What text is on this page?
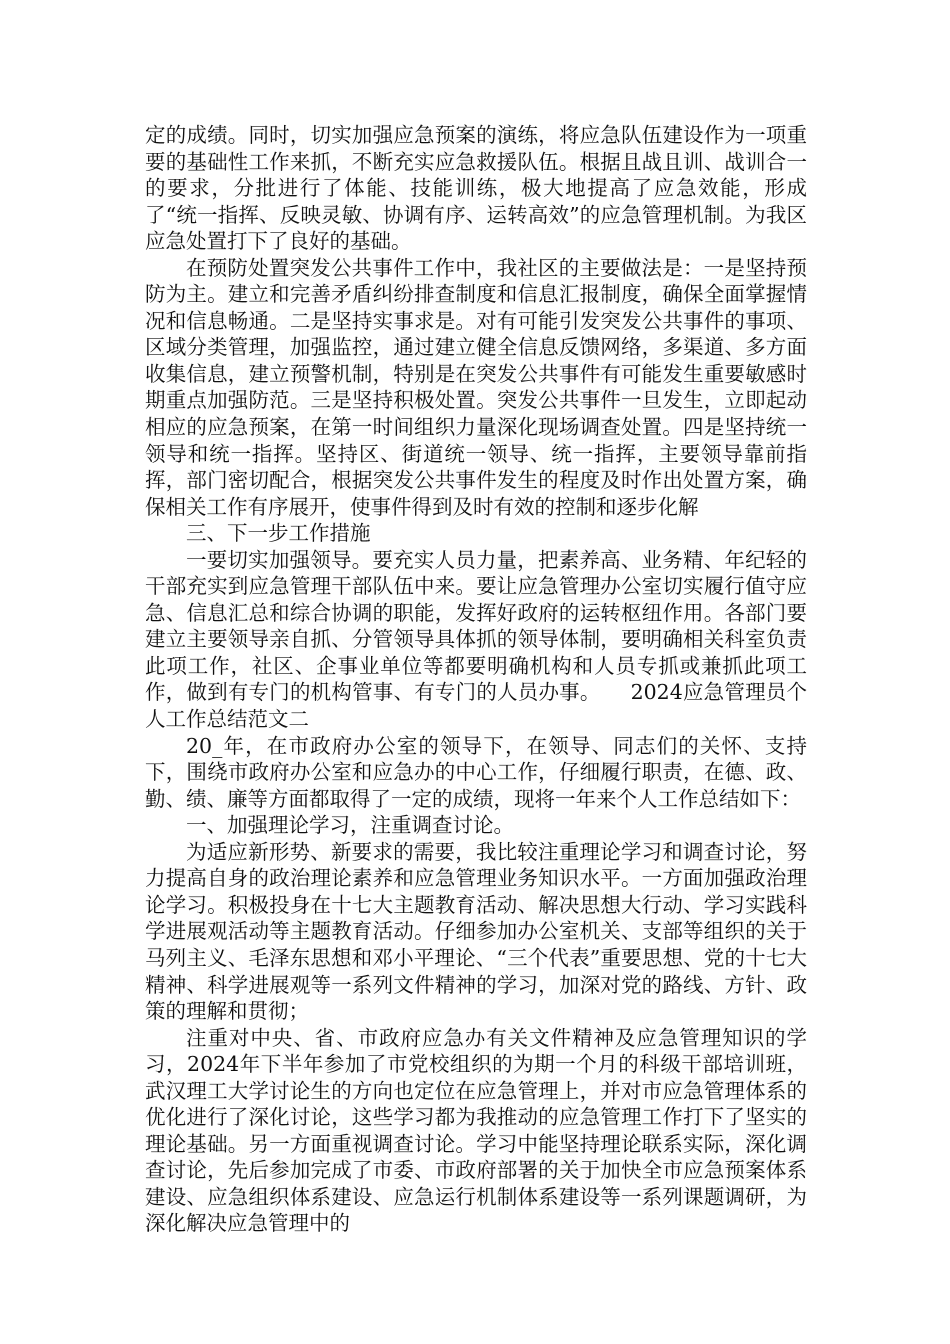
定的成绩。同时，切实加强应急预案的演练，将应急队伍建设作为一项重要的基础性工作来抓，不断充实应急救援队伍。根据且战且训、战训合一的要求，分批进行了体能、技能训练，极大地提高了应急效能，形成了“统一指挥、反映灵敏、协调有序、运转高效”的应急管理机制。为我区应急处置打下了良好的基础。

在预防处置突发公共事件工作中，我社区的主要做法是：一是坚持预防为主。建立和完善矛盾纠纷排查制度和信息汇报制度，确保全面掌握情况和信息畅通。二是坚持实事求是。对有可能引发突发公共事件的事项、区域分类管理，加强监控，通过建立健全信息反馈网络，多渠道、多方面收集信息，建立预警机制，特别是在突发公共事件有可能发生重要敏感时期重点加强防范。三是坚持积极处置。突发公共事件一旦发生，立即起动相应的应急预案，在第一时间组织力量深化现场调查处置。四是坚持统一领导和统一指挥。坚持区、街道统一领导、统一指挥，主要领导靠前指挥，部门密切配合，根据突发公共事件发生的程度及时作出处置方案，确保相关工作有序展开，使事件得到及时有效的控制和逐步化解

三、下一步工作措施

一要切实加强领导。要充实人员力量，把素养高、业务精、年纪轻的干部充实到应急管理干部队伍中来。要让应急管理办公室切实履行值守应急、信息汇总和综合协调的职能，发挥好政府的运转枢纽作用。各部门要建立主要领导亲自抓、分管领导具体抓的领导体制，要明确相关科室负责此项工作，社区、企事业单位等都要明确机构和人员专抓或兼抓此项工作，做到有专门的机构管事、有专门的人员办事。 2024应急管理员个人工作总结范文二

20_年，在市政府办公室的领导下，在领导、同志们的关怀、支持下，围绕市政府办公室和应急办的中心工作，仔细履行职责，在德、政、勤、绩、廉等方面都取得了一定的成绩，现将一年来个人工作总结如下：

一、加强理论学习，注重调查讨论。

为适应新形势、新要求的需要，我比较注重理论学习和调查讨论，努力提高自身的政治理论素养和应急管理业务知识水平。一方面加强政治理论学习。积极投身在十七大主题教育活动、解决思想大行动、学习实践科学进展观活动等主题教育活动。仔细参加办公室机关、支部等组织的关于马列主义、毛泽东思想和邓小平理论、“三个代表”重要思想、党的十七大精神、科学进展观等一系列文件精神的学习，加深对党的路线、方针、政策的理解和贯彻；

注重对中央、省、市政府应急办有关文件精神及应急管理知识的学习，2024年下半年参加了市党校组织的为期一个月的科级干部培训班，武汉理工大学讨论生的方向也定位在应急管理上，并对市应急管理体系的优化进行了深化讨论，这些学习都为我推动的应急管理工作打下了坚实的理论基础。另一方面重视调查讨论。学习中能坚持理论联系实际，深化调查讨论，先后参加完成了市委、市政府部署的关于加快全市应急预案体系建设、应急组织体系建设、应急运行机制体系建设等一系列课题调研，为深化解决应急管理中的
